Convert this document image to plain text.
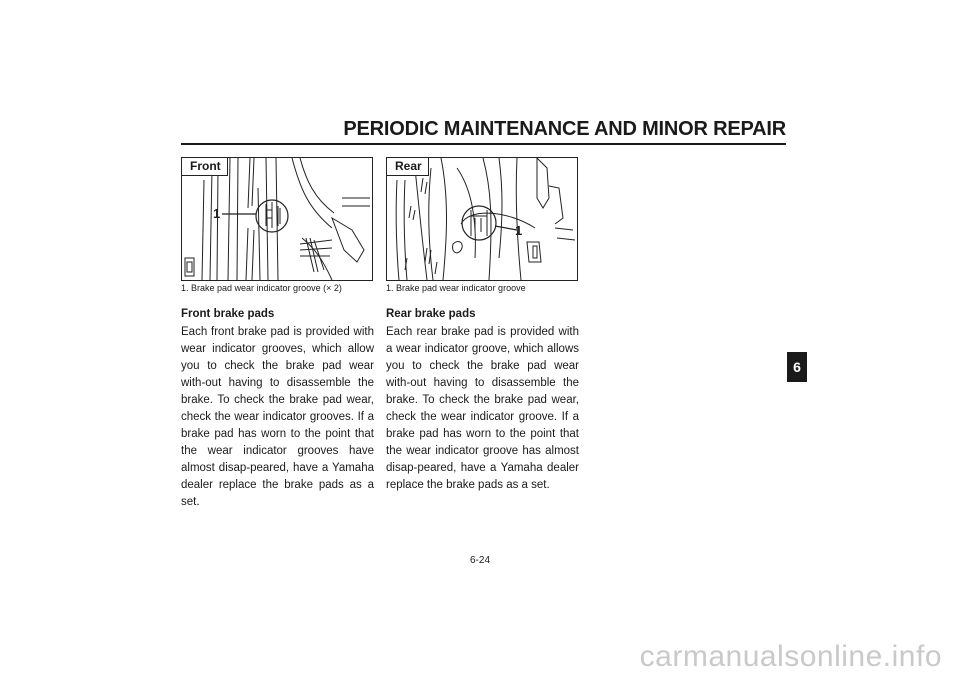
PERIODIC MAINTENANCE AND MINOR REPAIR
1
Front
1. Brake pad wear indicator groove (× 2)
1
Rear
1. Brake pad wear indicator groove
Front brake pads

Each front brake pad is provided with wear indicator grooves, which allow you to check the brake pad wear with-out having to disassemble the brake. To check the brake pad wear, check the wear indicator grooves. If a brake pad has worn to the point that the wear indicator grooves have almost disap-peared, have a Yamaha dealer replace the brake pads as a set.

Rear brake pads

Each rear brake pad is provided with a wear indicator groove, which allows you to check the brake pad wear with-out having to disassemble the brake. To check the brake pad wear, check the wear indicator groove. If a brake pad has worn to the point that the wear indicator groove has almost disap-peared, have a Yamaha dealer replace the brake pads as a set.

6
6-24
carmanualsonline.info
